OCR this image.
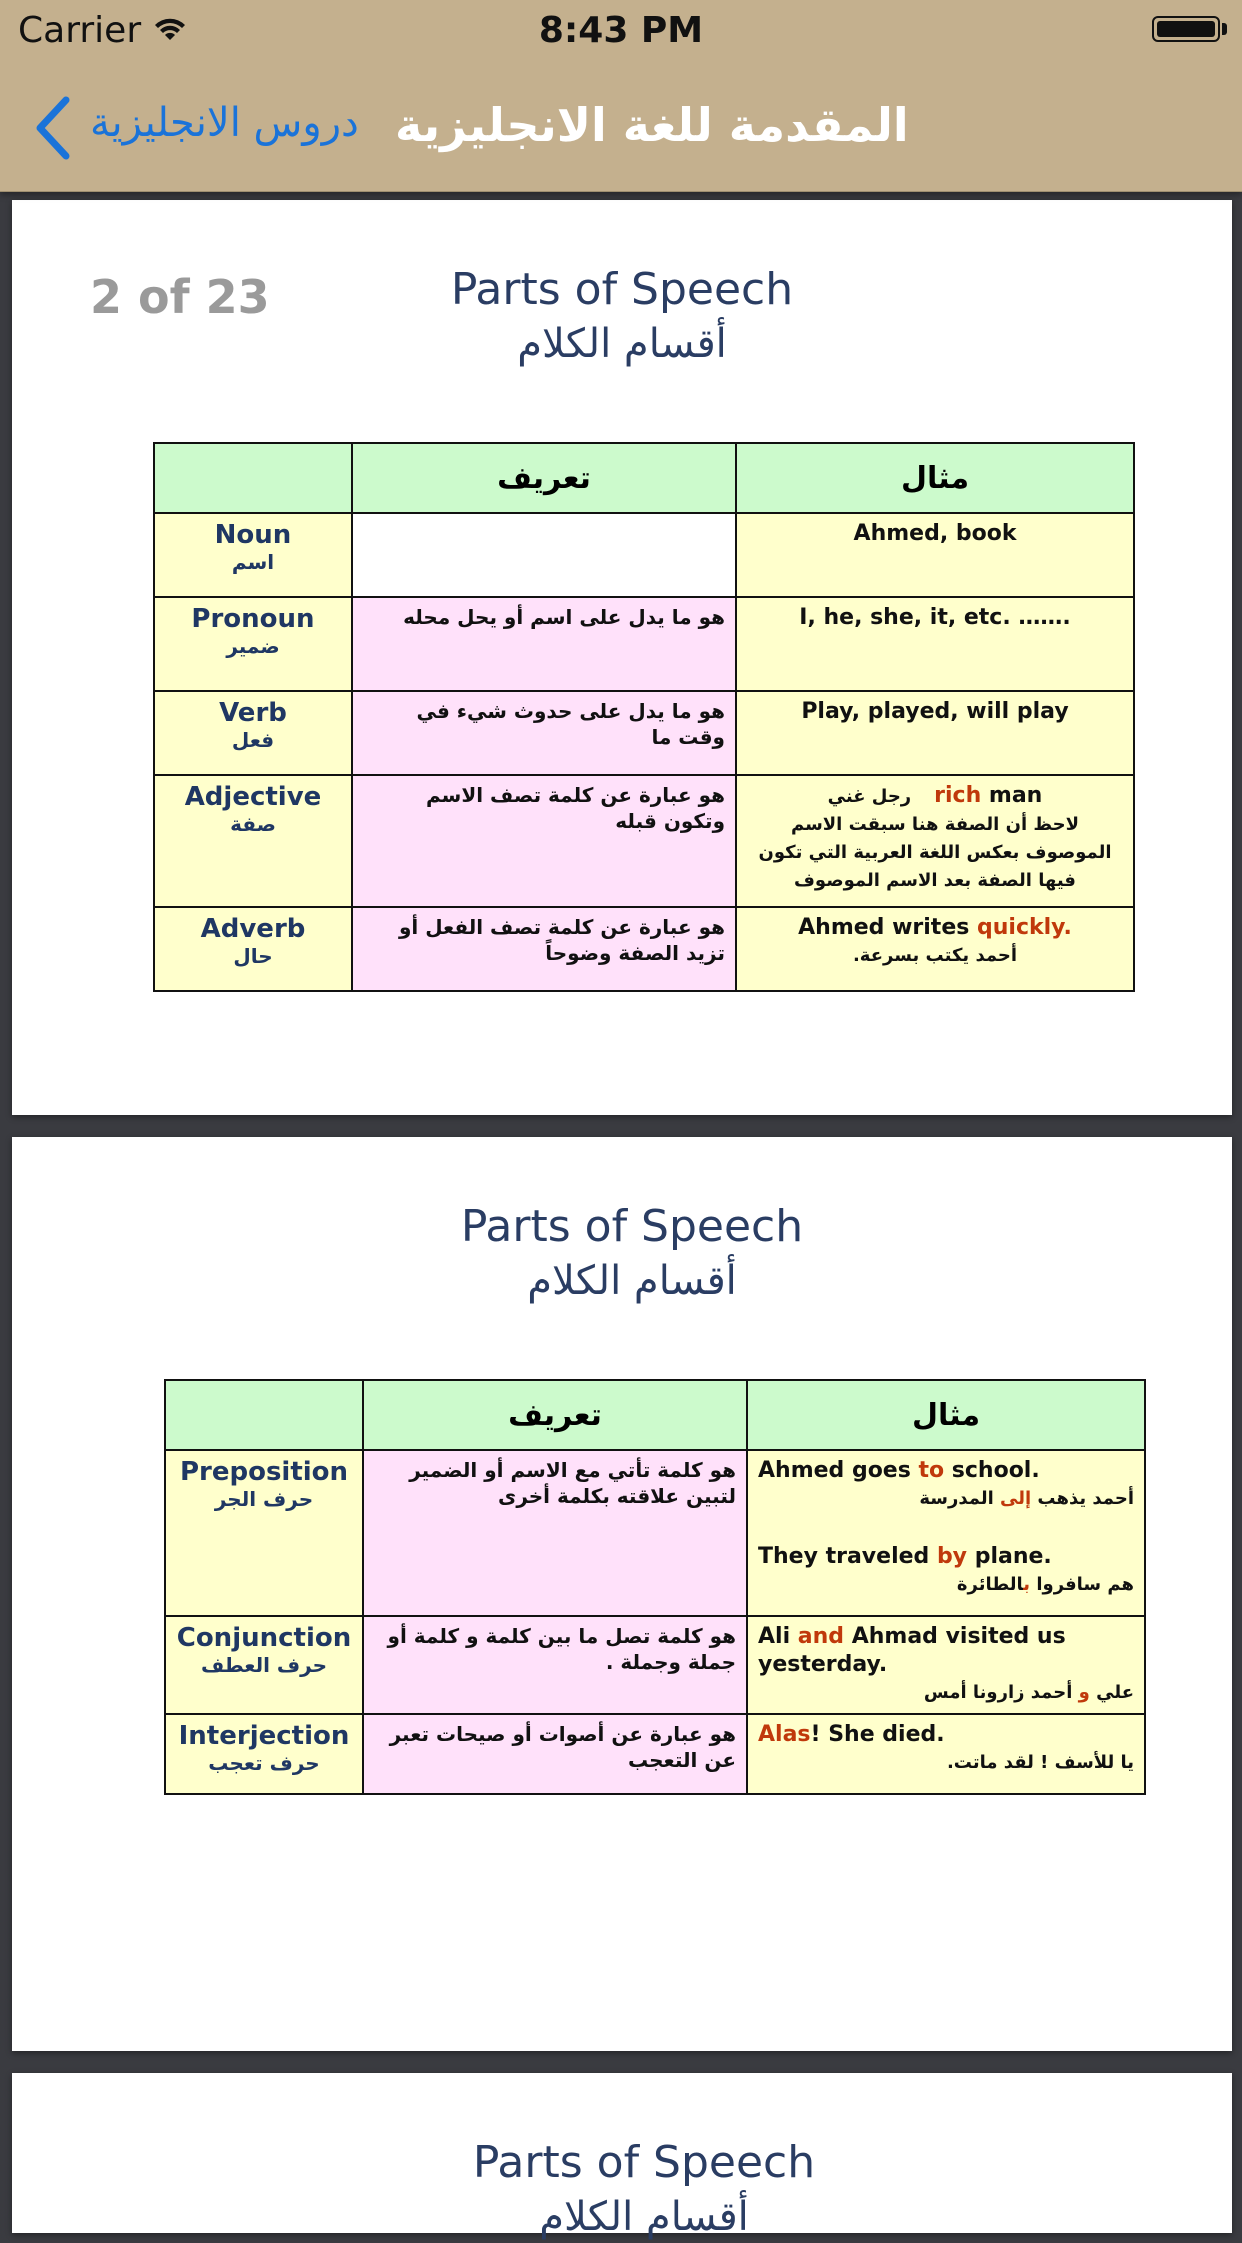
Carrier	8:43 PM
دروس الانجليزية المقدمة للغة الانجليزية
2 of 23	Parts of Speech
أقسام الكلام
	تعريف	مثال

Noun
اسم		Ahmed, book

Pronoun
ضمير	هو ما يدل على اسم أو يحل محله	I, he, she, it, etc. …….

Verb
فعل	هو ما يدل على حدوث شيء في وقت ما	Play, played, will play

Adjective
صفة	هو عبارة عن كلمة تصف الاسم وتكون قبله	رجل غني rich man
لاحظ أن الصفة هنا سبقت الاسم الموصوف بعكس اللغة العربية التي تكون فيها الصفة بعد الاسم الموصوف

Adverb
حال	هو عبارة عن كلمة تصف الفعل أو تزيد الصفة وضوحاً	Ahmed writes quickly.
أحمد يكتب بسرعة.
Parts of Speech
أقسام الكلام
	تعريف	مثال

Preposition
حرف الجر	هو كلمة تأتي مع الاسم أو الضمير لتبين علاقته بكلمة أخرى	Ahmed goes to school.
أحمد يذهب إلى المدرسة
They traveled by plane.
هم سافروا بالطائرة

Conjunction
حرف العطف	هو كلمة تصل ما بين كلمة و كلمة أو جملة وجملة .	Ali and Ahmad visited us yesterday.
علي و أحمد زارونا أمس

Interjection
حرف تعجب	هو عبارة عن أصوات أو صيحات تعبر عن التعجب	Alas! She died.
يا للأسف ! لقد ماتت.
Parts of Speech
أقسام الكلام
